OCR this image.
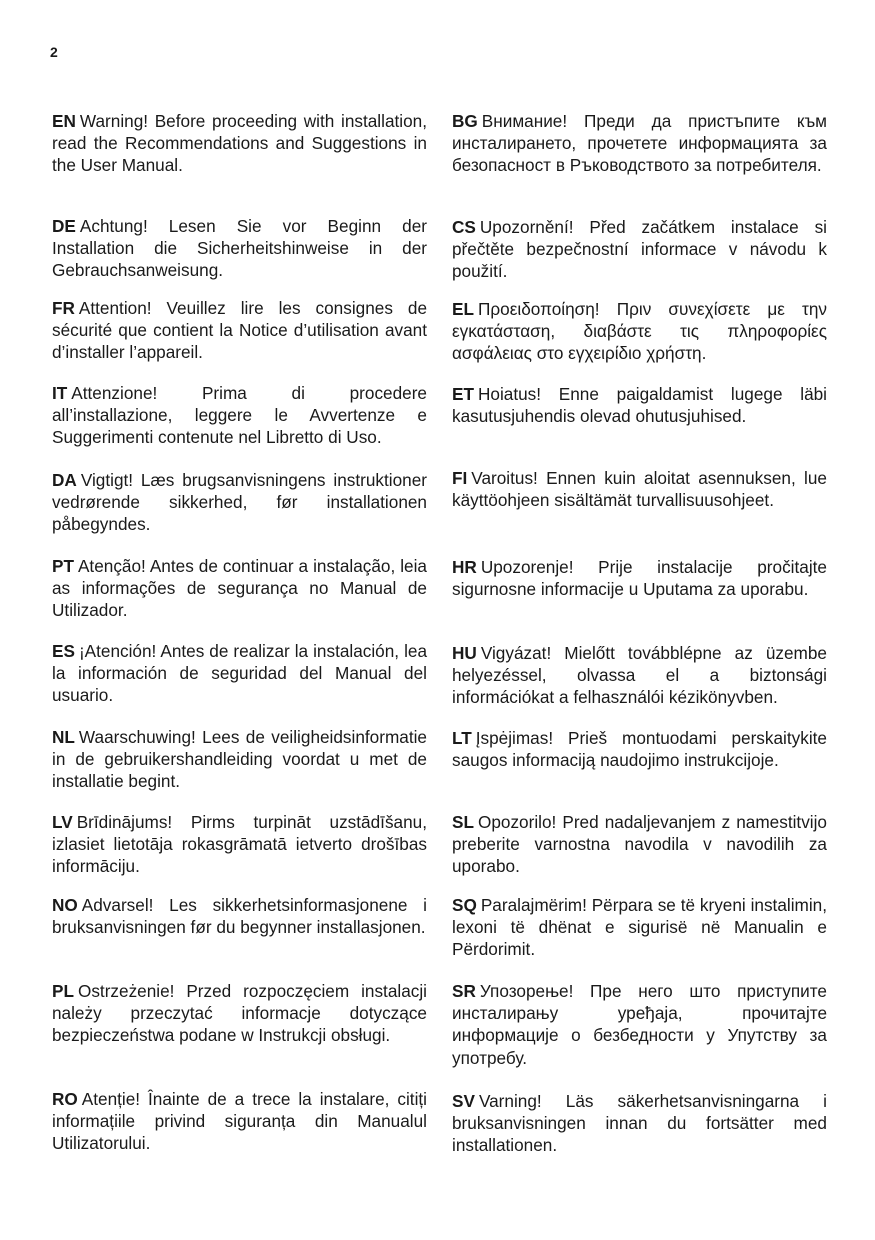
2
EN Warning! Before proceeding with installation, read the Recommendations and Suggestions in the User Manual.
DE Achtung! Lesen Sie vor Beginn der Installation die Sicherheitshinweise in der Gebrauchsanweisung.
FR Attention! Veuillez lire les consignes de sécurité que contient la Notice d’utilisation avant d’installer l’appareil.
IT Attenzione! Prima di procedere all’installazione, leggere le Avvertenze e Suggerimenti contenute nel Libretto di Uso.
DA Vigtigt! Læs brugsanvisningens instruktioner vedrørende sikkerhed, før installationen påbegyndes.
PT Atenção! Antes de continuar a instalação, leia as informações de segurança no Manual de Utilizador.
ES ¡Atención! Antes de realizar la instalación, lea la información de seguridad del Manual del usuario.
NL Waarschuwing! Lees de veiligheidsinformatie in de gebruikershandleiding voordat u met de installatie begint.
LV Brīdinājums! Pirms turpināt uzstādīšanu, izlasiet lietotāja rokasgrāmatā ietverto drošības informāciju.
NO Advarsel! Les sikkerhetsinformasjonene i bruksanvisningen før du begynner installasjonen.
PL Ostrzeżenie! Przed rozpoczęciem instalacji należy przeczytać informacje dotyczące bezpieczeństwa podane w Instrukcji obsługi.
RO Atenție! Înainte de a trece la instalare, citiți informațiile privind siguranța din Manualul Utilizatorului.
BG Внимание! Преди да пристъпите към инсталирането, прочетете информацията за безопасност в Ръководството за потребителя.
CS Upozornění! Před začátkem instalace si přečtěte bezpečnostní informace v návodu k použití.
EL Προειδοποίηση! Πριν συνεχίσετε με την εγκατάσταση, διαβάστε τις πληροφορίες ασφάλειας στο εγχειρίδιο χρήστη.
ET Hoiatus! Enne paigaldamist lugege läbi kasutusjuhendis olevad ohutusjuhised.
FI Varoitus! Ennen kuin aloitat asennuksen, lue käyttöohjeen sisältämät turvallisuusohjeet.
HR Upozorenje! Prije instalacije pročitajte sigurnosne informacije u Uputama za uporabu.
HU Vigyázat! Mielőtt továbblépne az üzembe helyezéssel, olvassa el a biztonsági információkat a felhasználói kézikönyvben.
LT Įspėjimas! Prieš montuodami perskaitykite saugos informaciją naudojimo instrukcijoje.
SL Opozorilo! Pred nadaljevanjem z namestitvijo preberite varnostna navodila v navodilih za uporabo.
SQ Paralajmërim! Përpara se të kryeni instalimin, lexoni të dhënat e sigurisë në Manualin e Përdorimit.
SR Упозорење! Пре него што приступите инсталирању уређаја, прочитајте информације о безбедности у Упутству за употребу.
SV Varning! Läs säkerhetsanvisningarna i bruksanvisningen innan du fortsätter med installationen.
